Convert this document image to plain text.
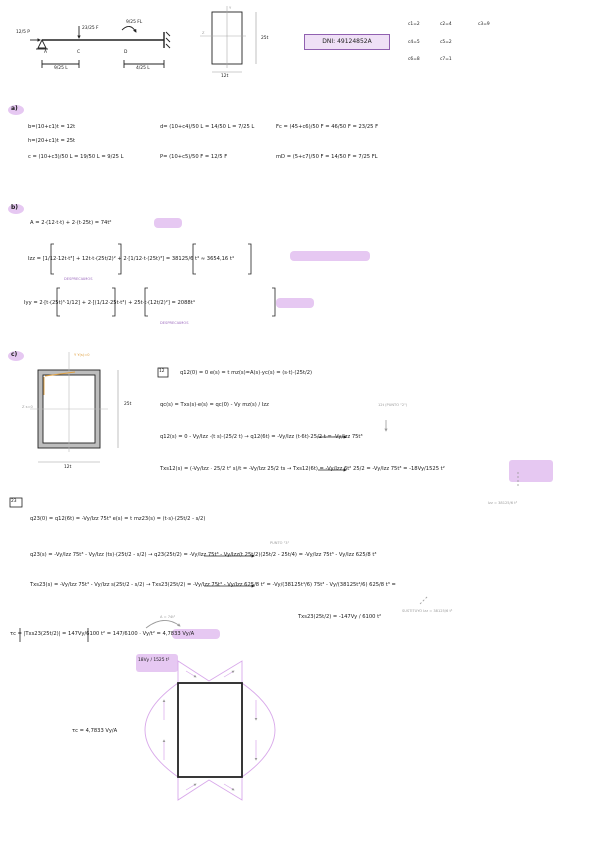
12/5 P
23/25 F
9/25 FL
A	C	D
9/25 L	4/25 L
Y
Z
25t
12t
DNI: 49124852A
c1=2	c2=4	c3=9
c4=5	c5=2
c6=8	c7=1
a)
b=(10+c1)t = 12t
h=(20+c1)t = 25t
c = (10+c3)/50 L = 19/50 L = 9/25 L
d= (10+c4)/50 L = 14/50 L = 7/25 L
P= (10+c5)/50 F = 12/5 F
Fc = (45+c6)/50 F = 46/50 F = 23/25 F
mD = (5+c7)/50 F = 14/50 F = 7/25 FL
b)
A = 2·(12·t·t) + 2·(t·25t) = 74t²
Izz = [1/12·12t·t³] + 12t·t·(25t/2)² + 2·[1/12·t·(25t)³] = 38125/6 t⁴ ≈ 3654,16 t⁴
DESPRECIAMOS
Iyy = 2·[t·(25t)³·1/12] + 2·[(1/12·25t·t³) + 25t·t·(12t/2)²] = 2088t⁴
DESPRECIAMOS
c)	Y Y(s)=0
Z s=0	25t
12t
12	q12(0) = 0 e(s) = t mz(s)=A(s)·yc(s) = (s·t)·(25t/2)
qc(s) = Txs(s)·e(s) = qc(0) - Vy mz(s) / Izz	12t (PUNTO "2")
q12(s) = 0 - Vy/Izz ·(t s)·(25/2 t) → q12(6t) = -Vy/Izz (t·6t)·25/2 t = -Vy/Izz 75t³
Txs12(s) = (-Vy/Izz · 25/2 t² s)/t = -Vy/Izz 25/2 ts → Txs12(6t) = -Vy/Izz 6t² 25/2 = -Vy/Izz 75t³ = -18Vy/1525 t²
Izz = 38125/6 t⁴
23
q23(0) = q12(6t) = -Vy/Izz 75t³ e(s) = t mz23(s) = (t·s)·(25t/2 - s/2)
PUNTO "3"
q23(s) = -Vy/Izz 75t³ - Vy/Izz (ts)·(25t/2 - s/2) → q23(25t/2) = -Vy/Izz 75t³ - Vy/Izz(t 25t/2)(25t/2 - 25t/4) = -Vy/Izz 75t³ - Vy/Izz 625/8 t³
Txs23(s) = -Vy/Izz 75t³ - Vy/Izz s(25t/2 - s/2) → Txs23(25t/2) = -Vy/Izz 75t³ - Vy/Izz 625/8 t² = -Vy/(38125t⁴/6) 75t³ - Vy/(38125t⁴/6) 625/8 t³ =
SUSTITUYO Izz = 38125/6 t⁴
Txs23(25t/2) = -147Vy / 6100 t²
A = 74t²
τc = |Txs23(25t/2)| = 147Vy/6100 t² = 147/6100 · Vy/t² = 4,7833 Vy/A
18Vy / 1525 t²
τc = 4,7833 Vy/A
